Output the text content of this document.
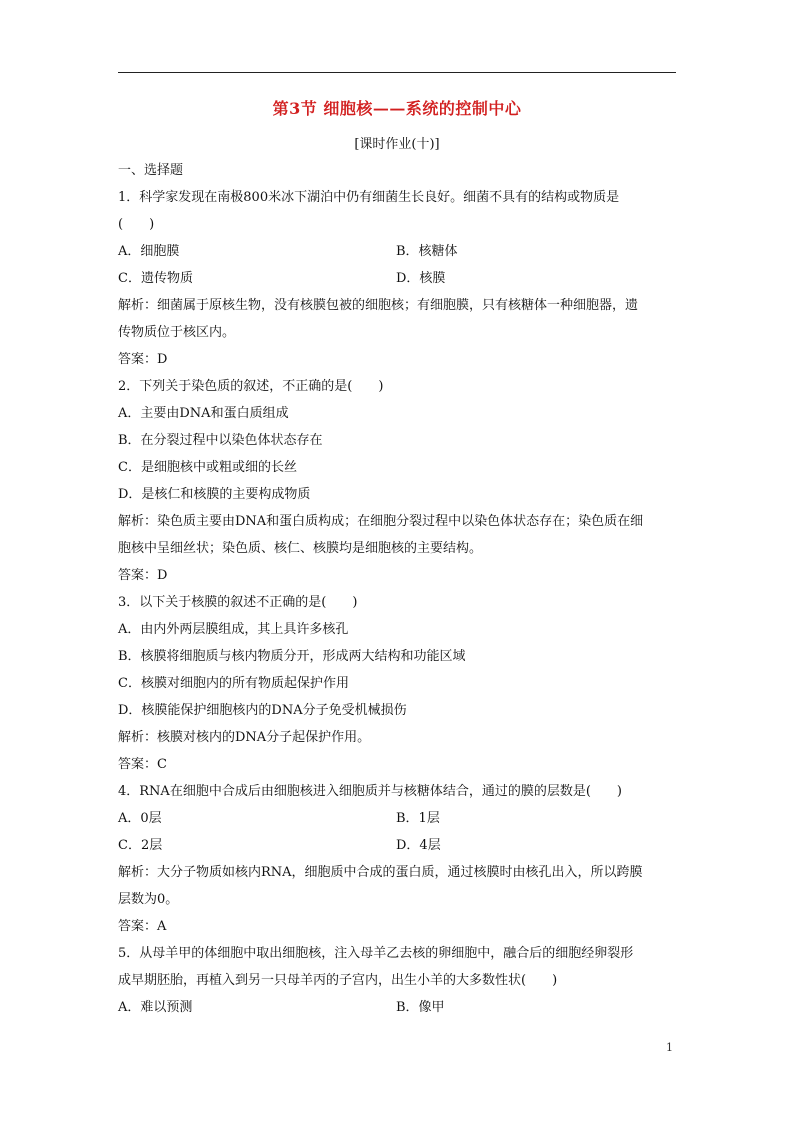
第3节 细胞核——系统的控制中心
[课时作业(十)]
一、选择题
1．科学家发现在南极800米冰下湖泊中仍有细菌生长良好。细菌不具有的结构或物质是
(　　)
A．细胞膜	B．核糖体
C．遗传物质	D．核膜
解析：细菌属于原核生物，没有核膜包被的细胞核；有细胞膜，只有核糖体一种细胞器，遗
传物质位于核区内。
答案：D
2．下列关于染色质的叙述，不正确的是(　　)
A．主要由DNA和蛋白质组成
B．在分裂过程中以染色体状态存在
C．是细胞核中或粗或细的长丝
D．是核仁和核膜的主要构成物质
解析：染色质主要由DNA和蛋白质构成；在细胞分裂过程中以染色体状态存在；染色质在细
胞核中呈细丝状；染色质、核仁、核膜均是细胞核的主要结构。
答案：D
3．以下关于核膜的叙述不正确的是(　　)
A．由内外两层膜组成，其上具许多核孔
B．核膜将细胞质与核内物质分开，形成两大结构和功能区域
C．核膜对细胞内的所有物质起保护作用
D．核膜能保护细胞核内的DNA分子免受机械损伤
解析：核膜对核内的DNA分子起保护作用。
答案：C
4．RNA在细胞中合成后由细胞核进入细胞质并与核糖体结合，通过的膜的层数是(　　)
A．0层	B．1层
C．2层	D．4层
解析：大分子物质如核内RNA，细胞质中合成的蛋白质，通过核膜时由核孔出入，所以跨膜
层数为0。
答案：A
5．从母羊甲的体细胞中取出细胞核，注入母羊乙去核的卵细胞中，融合后的细胞经卵裂形
成早期胚胎，再植入到另一只母羊丙的子宫内，出生小羊的大多数性状(　　)
A．难以预测	B．像甲
1
